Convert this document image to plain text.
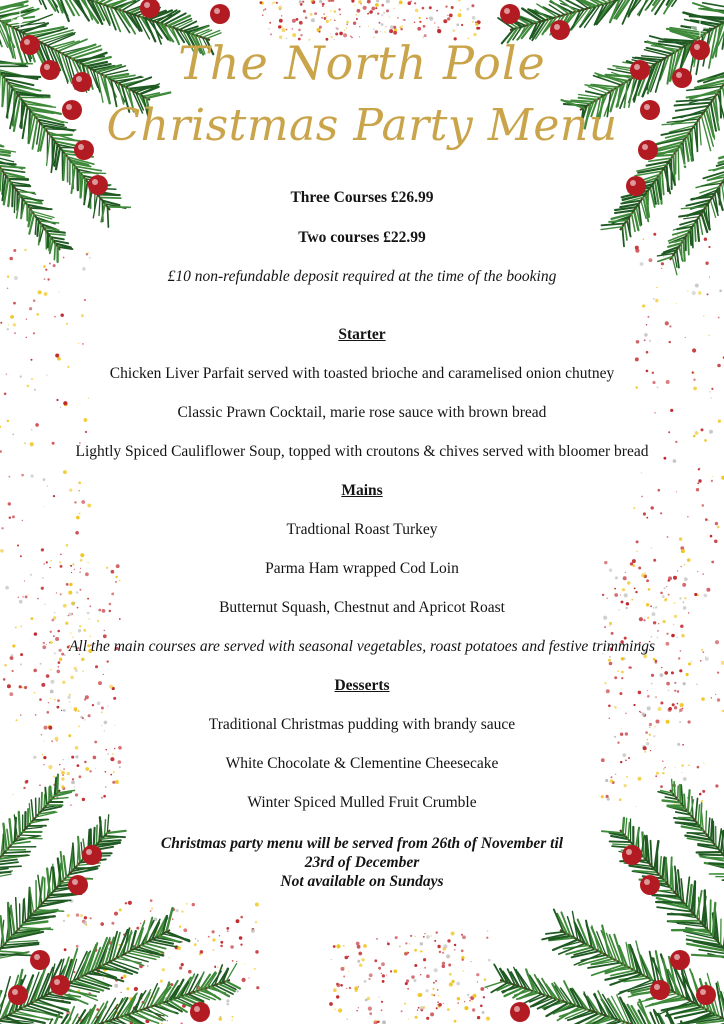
The North Pole
Christmas Party Menu
Three Courses £26.99
Two courses £22.99
£10 non-refundable deposit required at the time of the booking
Starter
Chicken Liver Parfait served with toasted brioche and caramelised onion chutney
Classic Prawn Cocktail, marie rose sauce with brown bread
Lightly Spiced Cauliflower Soup, topped with croutons & chives served with bloomer bread
Mains
Tradtional Roast Turkey
Parma Ham wrapped Cod Loin
Butternut Squash, Chestnut and Apricot Roast
All the main courses are served with seasonal vegetables, roast potatoes and festive trimmings
Desserts
Traditional Christmas pudding with brandy sauce
White Chocolate & Clementine Cheesecake
Winter Spiced Mulled Fruit Crumble
Christmas party menu will be served from 26th of November til
23rd of December
Not available on Sundays
